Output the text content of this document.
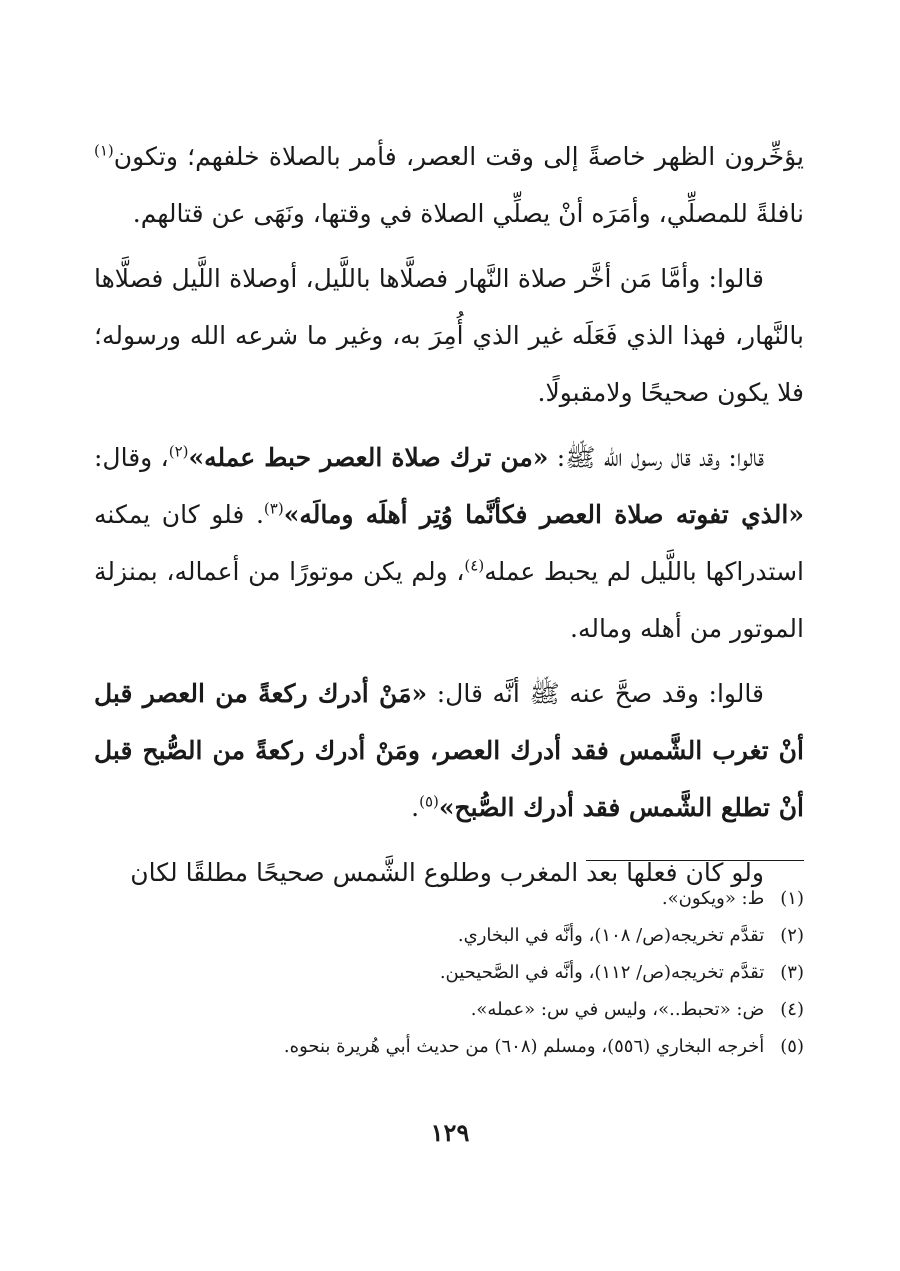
يؤخِّرون الظهر خاصةً إلى وقت العصر، فأمر بالصلاة خلفهم؛ وتكون$^{(١)}$ نافلةً للمصلِّي، وأمَرَه أنْ يصلِّي الصلاة في وقتها، ونَهَى عن قتالهم.

قالوا: وأمَّا مَن أخَّر صلاة النَّهار فصلَّاها باللَّيل، أوصلاة اللَّيل فصلَّاها بالنَّهار، فهذا الذي فَعَلَه غير الذي أُمِرَ به، وغير ما شرعه الله ورسوله؛ فلا يكون صحيحًا ولامقبولًا.

قالوا: وقد قال رسول الله ﷺ: «من ترك صلاة العصر حبط عمله»$^{(٢)}$، وقال: «الذي تفوته صلاة العصر فكأنَّما وُتِر أهلَه ومالَه»$^{(٣)}$. فلو كان يمكنه استدراكها باللَّيل لم يحبط عمله$^{(٤)}$، ولم يكن موتورًا من أعماله، بمنزلة الموتور من أهله وماله.

قالوا: وقد صحَّ عنه ﷺ أنَّه قال: «مَنْ أدرك ركعةً من العصر قبل أنْ تغرب الشَّمس فقد أدرك العصر، ومَنْ أدرك ركعةً من الصُّبح قبل أنْ تطلع الشَّمس فقد أدرك الصُّبح»$^{(٥)}$.

ولو كان فعلها بعد المغرب وطلوع الشَّمس صحيحًا مطلقًا لكان

(١) ط: «ويكون».
(٢) تقدَّم تخريجه(ص/ ١٠٨)، وأنَّه في البخاري.
(٣) تقدَّم تخريجه(ص/ ١١٢)، وأنَّه في الصَّحيحين.
(٤) ض: «تحبط..»، وليس في س: «عمله».
(٥) أخرجه البخاري (٥٥٦)، ومسلم (٦٠٨) من حديث أبي هُريرة بنحوه.
١٢٩
